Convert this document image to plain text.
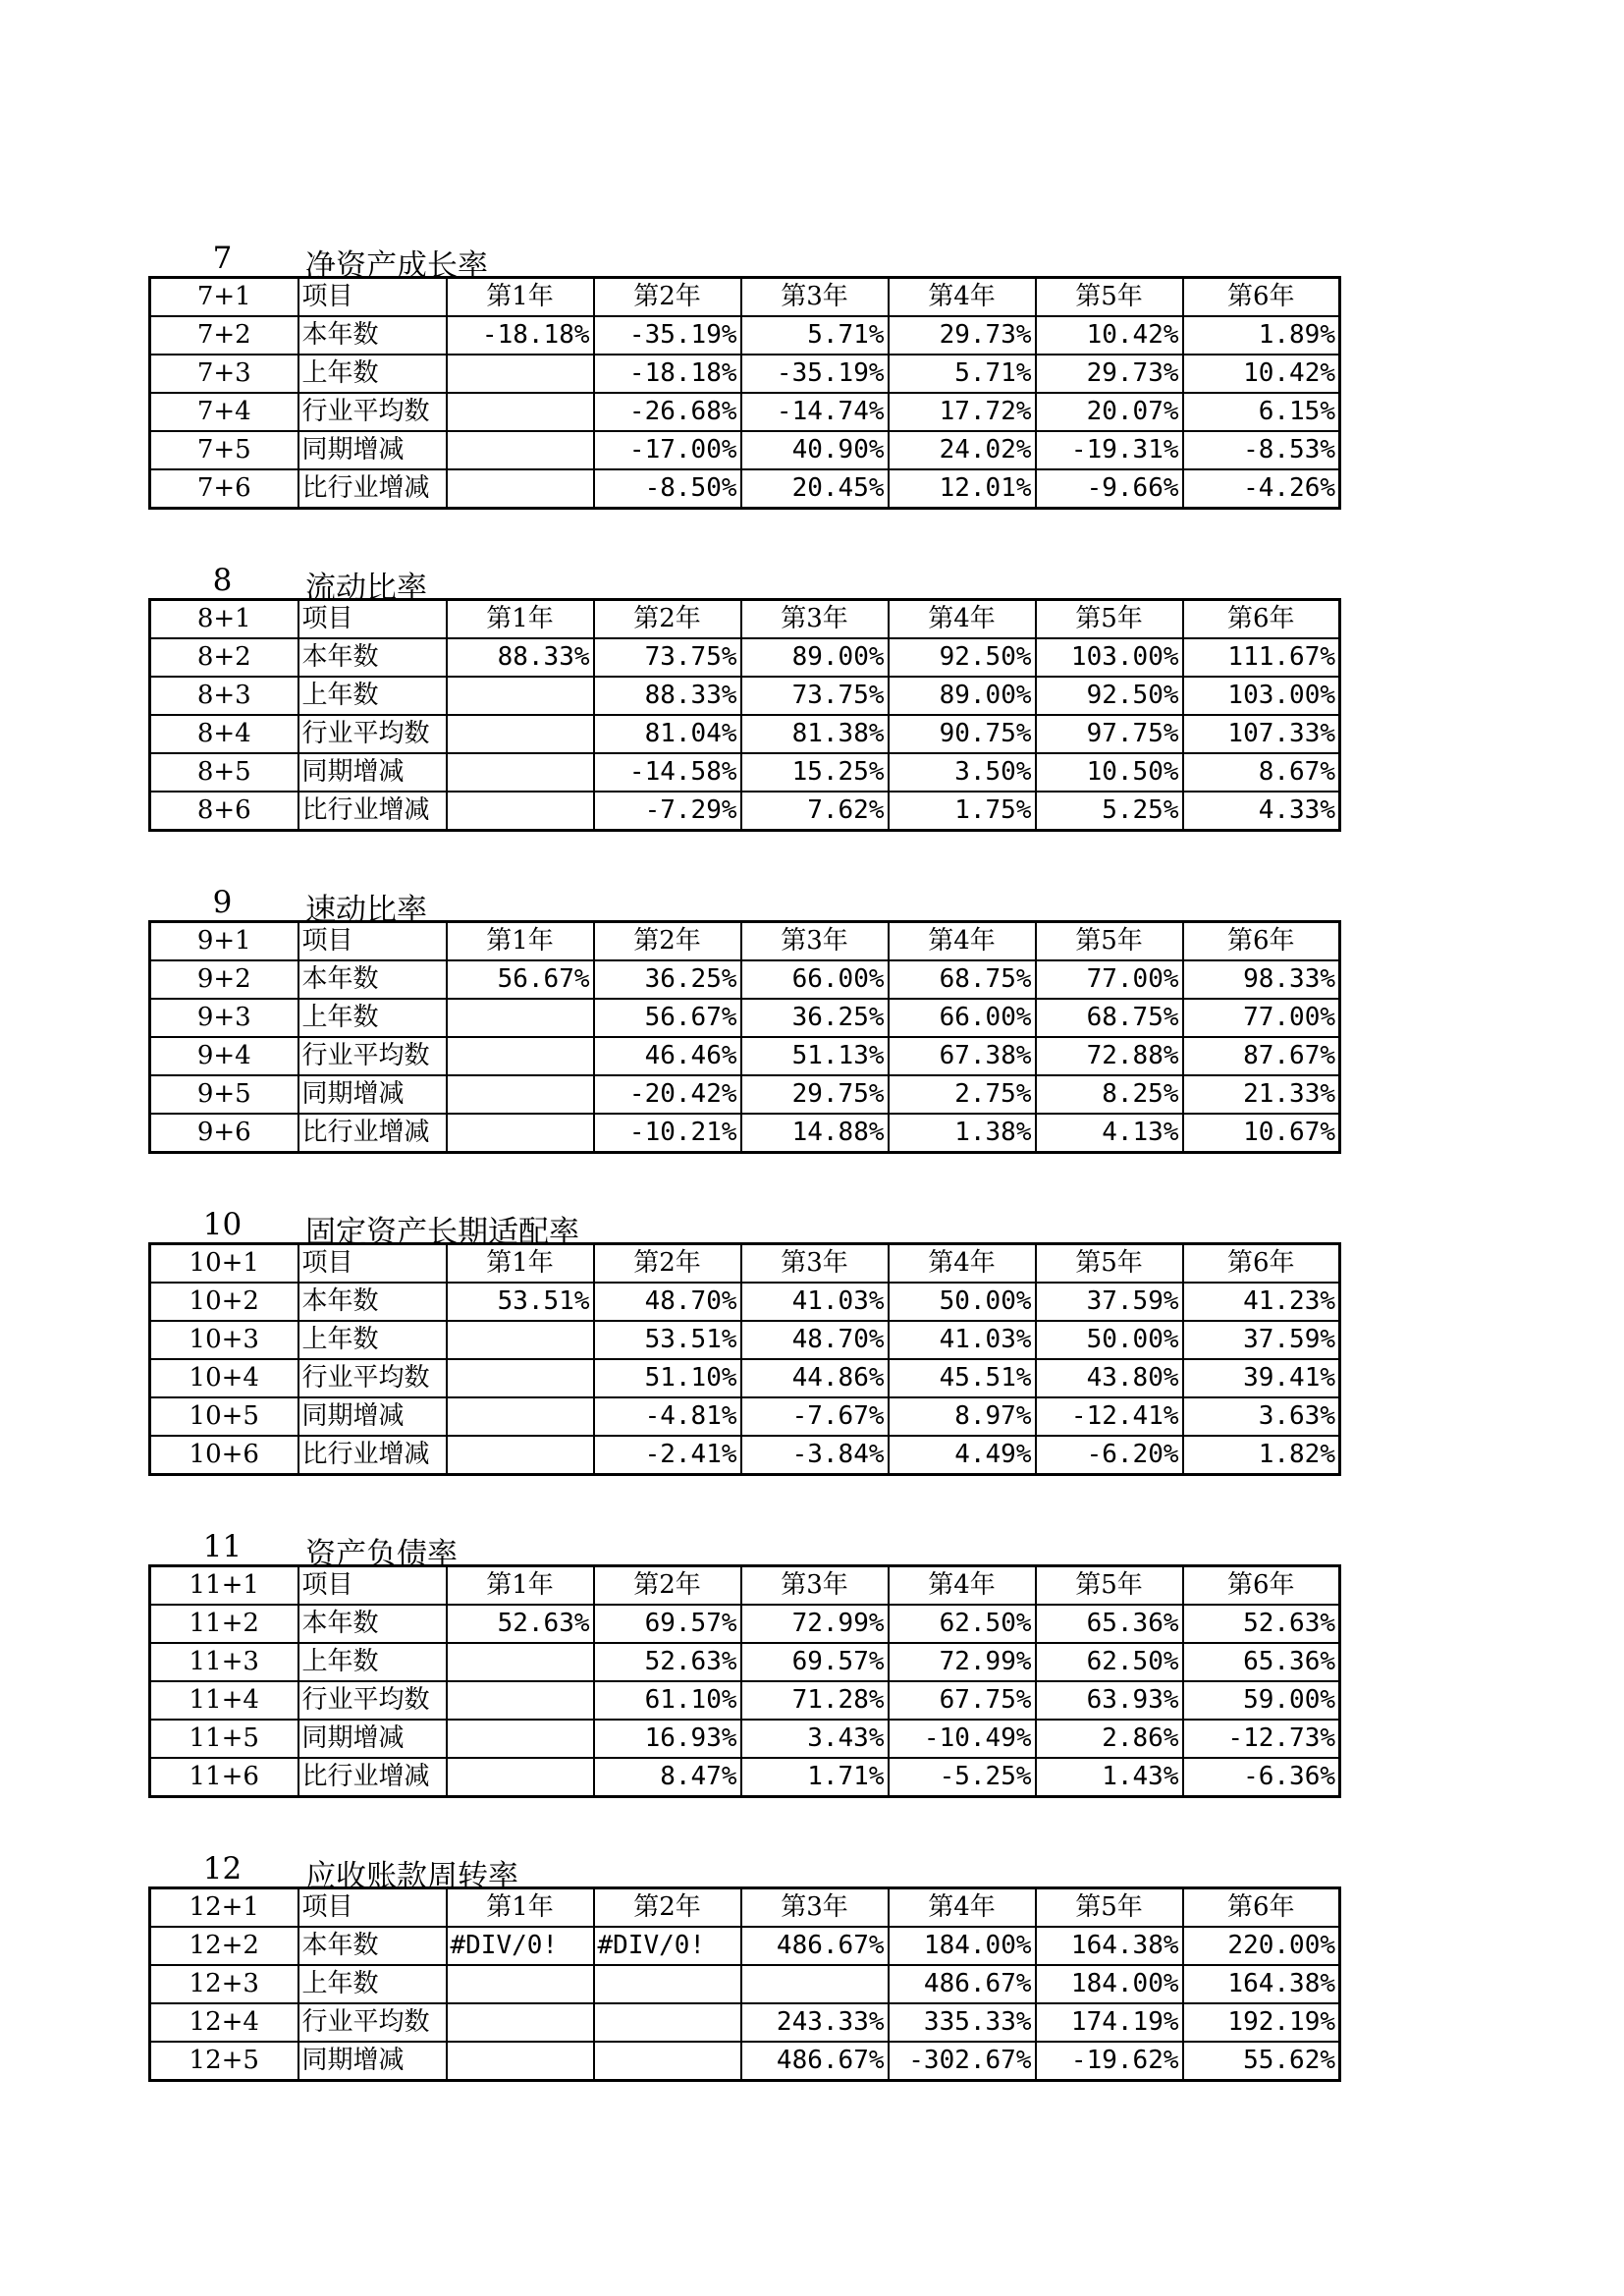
7	净资产成长率
7+1	项目	第1年	第2年	第3年	第4年	第5年	第6年
7+2	本年数	-18.18%	-35.19%	5.71%	29.73%	10.42%	1.89%
7+3	上年数		-18.18%	-35.19%	5.71%	29.73%	10.42%
7+4	行业平均数		-26.68%	-14.74%	17.72%	20.07%	6.15%
7+5	同期增减		-17.00%	40.90%	24.02%	-19.31%	-8.53%
7+6	比行业增减		-8.50%	20.45%	12.01%	-9.66%	-4.26%
8	流动比率
8+1	项目	第1年	第2年	第3年	第4年	第5年	第6年
8+2	本年数	88.33%	73.75%	89.00%	92.50%	103.00%	111.67%
8+3	上年数		88.33%	73.75%	89.00%	92.50%	103.00%
8+4	行业平均数		81.04%	81.38%	90.75%	97.75%	107.33%
8+5	同期增减		-14.58%	15.25%	3.50%	10.50%	8.67%
8+6	比行业增减		-7.29%	7.62%	1.75%	5.25%	4.33%
9	速动比率
9+1	项目	第1年	第2年	第3年	第4年	第5年	第6年
9+2	本年数	56.67%	36.25%	66.00%	68.75%	77.00%	98.33%
9+3	上年数		56.67%	36.25%	66.00%	68.75%	77.00%
9+4	行业平均数		46.46%	51.13%	67.38%	72.88%	87.67%
9+5	同期增减		-20.42%	29.75%	2.75%	8.25%	21.33%
9+6	比行业增减		-10.21%	14.88%	1.38%	4.13%	10.67%
10	固定资产长期适配率
10+1	项目	第1年	第2年	第3年	第4年	第5年	第6年
10+2	本年数	53.51%	48.70%	41.03%	50.00%	37.59%	41.23%
10+3	上年数		53.51%	48.70%	41.03%	50.00%	37.59%
10+4	行业平均数		51.10%	44.86%	45.51%	43.80%	39.41%
10+5	同期增减		-4.81%	-7.67%	8.97%	-12.41%	3.63%
10+6	比行业增减		-2.41%	-3.84%	4.49%	-6.20%	1.82%
11	资产负债率
11+1	项目	第1年	第2年	第3年	第4年	第5年	第6年
11+2	本年数	52.63%	69.57%	72.99%	62.50%	65.36%	52.63%
11+3	上年数		52.63%	69.57%	72.99%	62.50%	65.36%
11+4	行业平均数		61.10%	71.28%	67.75%	63.93%	59.00%
11+5	同期增减		16.93%	3.43%	-10.49%	2.86%	-12.73%
11+6	比行业增减		8.47%	1.71%	-5.25%	1.43%	-6.36%
12	应收账款周转率
12+1	项目	第1年	第2年	第3年	第4年	第5年	第6年
12+2	本年数	#DIV/0!	#DIV/0!	486.67%	184.00%	164.38%	220.00%
12+3	上年数				486.67%	184.00%	164.38%
12+4	行业平均数			243.33%	335.33%	174.19%	192.19%
12+5	同期增减			486.67%	-302.67%	-19.62%	55.62%
